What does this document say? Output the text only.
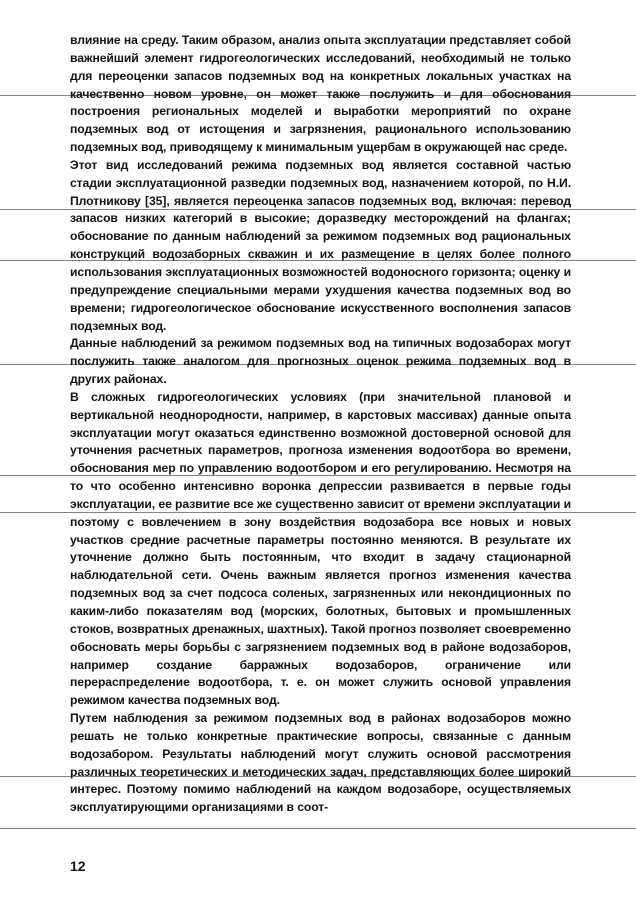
влияние на среду. Таким образом, анализ опыта эксплуатации представляет собой важнейший элемент гидрогеологических исследований, необходимый не только для переоценки запасов подземных вод на конкретных локальных участках на качественно новом уровне, он может также послужить и для обоснования построения региональных моделей и выработки мероприятий по охране подземных вод от истощения и загрязнения, рационального использованию подземных вод, приводящему к минимальным ущербам в окружающей нас среде.

Этот вид исследований режима подземных вод является составной частью стадии эксплуатационной разведки подземных вод, назначением которой, по Н.И. Плотникову [35], является переоценка запасов подземных вод, включая: перевод запасов низких категорий в высокие; доразведку месторождений на флангах; обоснование по данным наблюдений за режимом подземных вод рациональных конструкций водозаборных скважин и их размещение в целях более полного использования эксплуатационных возможностей водоносного горизонта; оценку и предупреждение специальными мерами ухудшения качества подземных вод во времени; гидрогеологическое обоснование искусственного восполнения запасов подземных вод.

Данные наблюдений за режимом подземных вод на типичных водозаборах могут послужить также аналогом для прогнозных оценок режима подземных вод в других районах.

В сложных гидрогеологических условиях (при значительной плановой и вертикальной неоднородности, например, в карстовых массивах) данные опыта эксплуатации могут оказаться единственно возможной достоверной основой для уточнения расчетных параметров, прогноза изменения водоотбора во времени, обоснования мер по управлению водоотбором и его регулированию. Несмотря на то что особенно интенсивно воронка депрессии развивается в первые годы эксплуатации, ее развитие все же существенно зависит от времени эксплуатации и поэтому с вовлечением в зону воздействия водозабора все новых и новых участков средние расчетные параметры постоянно меняются. В результате их уточнение должно быть постоянным, что входит в задачу стационарной наблюдательной сети. Очень важным является прогноз изменения качества подземных вод за счет подсоса соленых, загрязненных или некондиционных по каким-либо показателям вод (морских, болотных, бытовых и промышленных стоков, возвратных дренажных, шахтных). Такой прогноз позволяет своевременно обосновать меры борьбы с загрязнением подземных вод в районе водозаборов, например создание барражных водозаборов, ограничение или перераспределение водоотбора, т. е. он может служить основой управления режимом качества подземных вод.

Путем наблюдения за режимом подземных вод в районах водозаборов можно решать не только конкретные практические вопросы, связанные с данным водозабором. Результаты наблюдений могут служить основой рассмотрения различных теоретических и методических задач, представляющих более широкий интерес. Поэтому помимо наблюдений на каждом водозаборе, осуществляемых эксплуатирующими организациями в соот-

12
